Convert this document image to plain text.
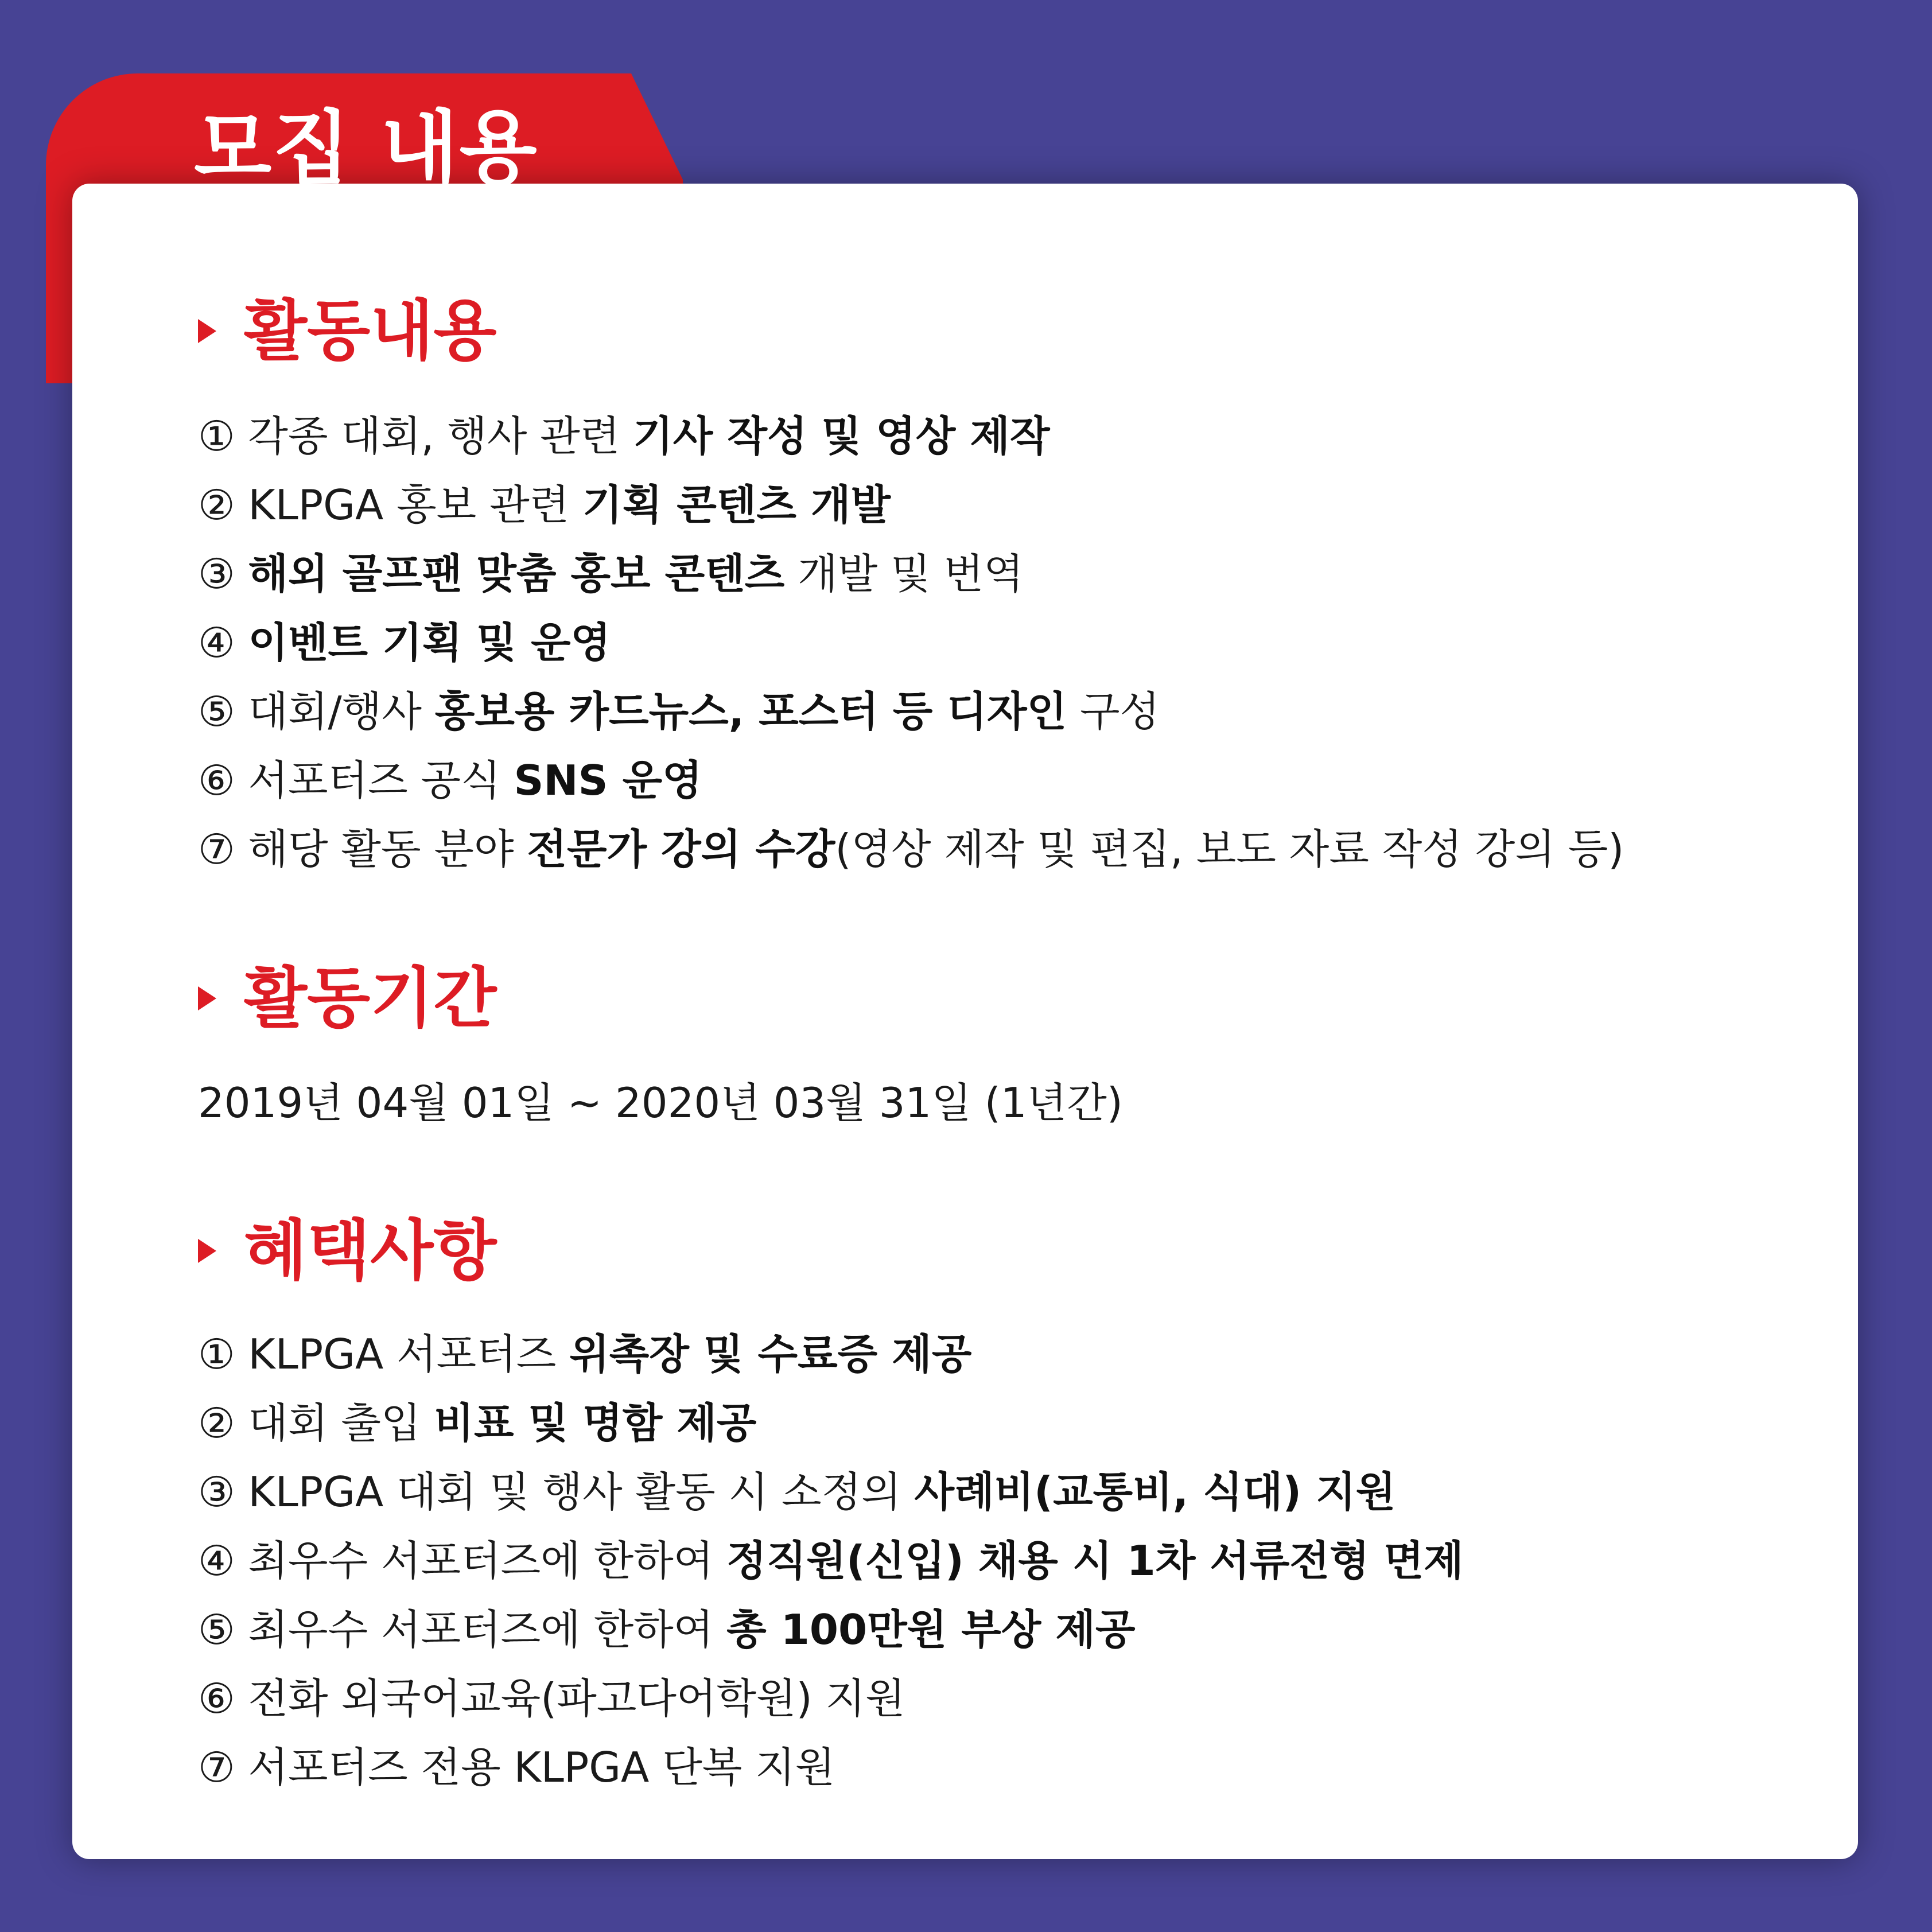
모집 내용
활동내용
① 각종 대회, 행사 관련 기사 작성 및 영상 제작
② KLPGA 홍보 관련 기획 콘텐츠 개발
③ 해외 골프팬 맞춤 홍보 콘텐츠 개발 및 번역
④ 이벤트 기획 및 운영
⑤ 대회/행사 홍보용 카드뉴스, 포스터 등 디자인 구성
⑥ 서포터즈 공식 SNS 운영
⑦ 해당 활동 분야 전문가 강의 수강(영상 제작 및 편집, 보도 자료 작성 강의 등)
활동기간
2019년 04월 01일 ~ 2020년 03월 31일 (1년간)
혜택사항
① KLPGA 서포터즈 위촉장 및 수료증 제공
② 대회 출입 비표 및 명함 제공
③ KLPGA 대회 및 행사 활동 시 소정의 사례비(교통비, 식대) 지원
④ 최우수 서포터즈에 한하여 정직원(신입) 채용 시 1차 서류전형 면제
⑤ 최우수 서포터즈에 한하여 총 100만원 부상 제공
⑥ 전화 외국어교육(파고다어학원) 지원
⑦ 서포터즈 전용 KLPGA 단복 지원
